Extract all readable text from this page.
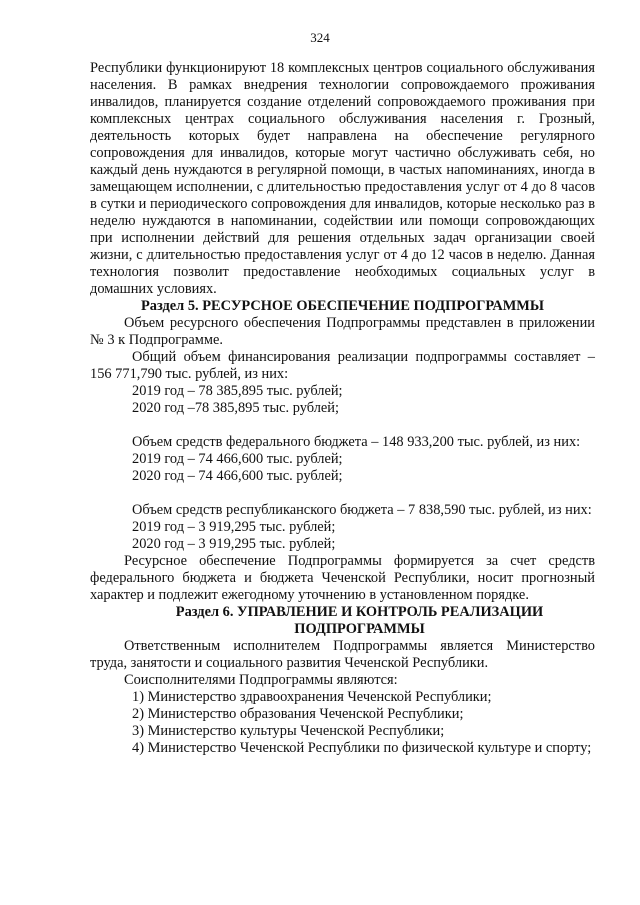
324

Республики функционируют 18 комплексных центров социального обслуживания населения. В рамках внедрения технологии сопровождаемого проживания инвалидов, планируется создание отделений сопровождаемого проживания при комплексных центрах социального обслуживания населения г. Грозный, деятельность которых будет направлена на обеспечение регулярного сопровождения для инвалидов, которые могут частично обслуживать себя, но каждый день нуждаются в регулярной помощи, в частых напоминаниях, иногда в замещающем исполнении, с длительностью предоставления услуг от 4 до 8 часов в сутки и периодического сопровождения для инвалидов, которые несколько раз в неделю нуждаются в напоминании, содействии или помощи сопровождающих при исполнении действий для решения отдельных задач организации своей жизни, с длительностью предоставления услуг от 4 до 12 часов в неделю. Данная технология позволит предоставление необходимых социальных услуг в домашних условиях.

Раздел 5. РЕСУРСНОЕ ОБЕСПЕЧЕНИЕ ПОДПРОГРАММЫ

Объем ресурсного обеспечения Подпрограммы представлен в приложении № 3 к Подпрограмме.

Общий объем финансирования реализации подпрограммы составляет – 156 771,790 тыс. рублей, из них:

2019 год – 78 385,895 тыс. рублей;

2020 год –78 385,895 тыс. рублей;

Объем средств федерального бюджета – 148 933,200 тыс. рублей, из них:

2019 год – 74 466,600 тыс. рублей;

2020 год – 74 466,600 тыс. рублей;

Объем средств республиканского бюджета – 7 838,590 тыс. рублей, из них:

2019 год – 3 919,295 тыс. рублей;

2020 год – 3 919,295 тыс. рублей;

Ресурсное обеспечение Подпрограммы формируется за счет средств федерального бюджета и бюджета Чеченской Республики, носит прогнозный характер и подлежит ежегодному уточнению в установленном порядке.

Раздел 6. УПРАВЛЕНИЕ И КОНТРОЛЬ РЕАЛИЗАЦИИ
ПОДПРОГРАММЫ

Ответственным исполнителем Подпрограммы является Министерство труда, занятости и социального развития Чеченской Республики.

Соисполнителями Подпрограммы являются:

1) Министерство здравоохранения Чеченской Республики;

2) Министерство образования Чеченской Республики;

3) Министерство культуры Чеченской Республики;

4) Министерство Чеченской Республики по физической культуре и спорту;
